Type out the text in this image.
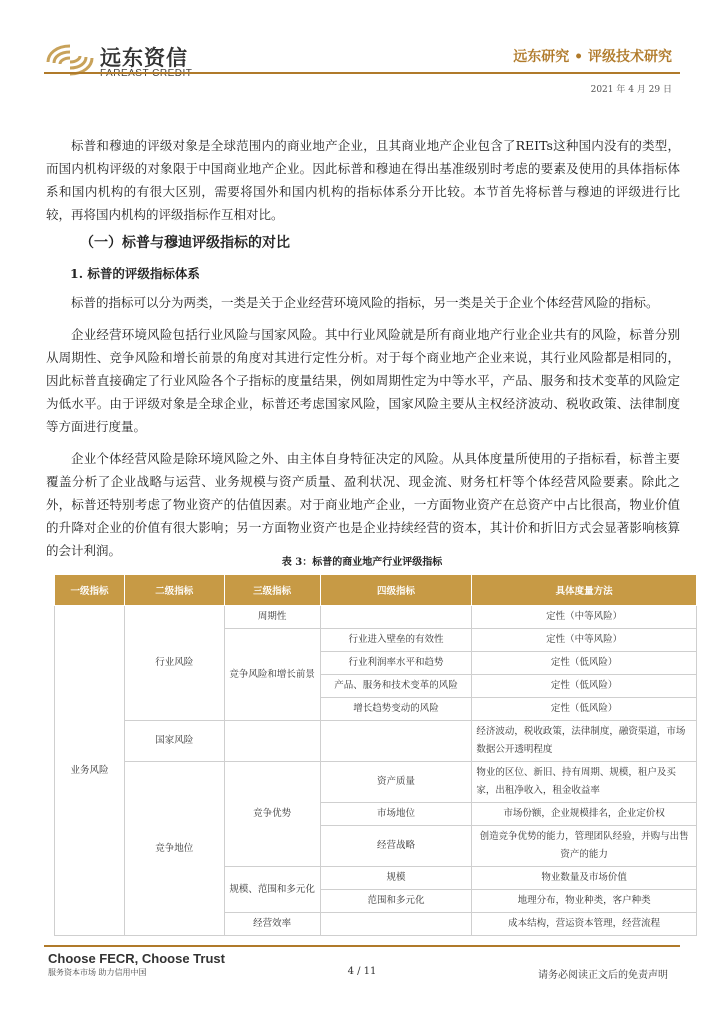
远东资信	远东研究 • 评级技术研究
2021 年 4 月 29 日

标普和穆迪的评级对象是全球范围内的商业地产企业，且其商业地产企业包含了REITs这种国内没有的类型，而国内机构评级的对象限于中国商业地产企业。因此标普和穆迪在得出基准级别时考虑的要素及使用的具体指标体系和国内机构的有很大区别，需要将国外和国内机构的指标体系分开比较。本节首先将标普与穆迪的评级进行比较，再将国内机构的评级指标作互相对比。

（一）标普与穆迪评级指标的对比
1. 标普的评级指标体系

标普的指标可以分为两类，一类是关于企业经营环境风险的指标，另一类是关于企业个体经营风险的指标。

企业经营环境风险包括行业风险与国家风险。其中行业风险就是所有商业地产行业企业共有的风险，标普分别从周期性、竞争风险和增长前景的角度对其进行定性分析。对于每个商业地产企业来说，其行业风险都是相同的，因此标普直接确定了行业风险各个子指标的度量结果，例如周期性定为中等水平，产品、服务和技术变革的风险定为低水平。由于评级对象是全球企业，标普还考虑国家风险，国家风险主要从主权经济波动、税收政策、法律制度等方面进行度量。

企业个体经营风险是除环境风险之外、由主体自身特征决定的风险。从具体度量所使用的子指标看，标普主要覆盖分析了企业战略与运营、业务规模与资产质量、盈利状况、现金流、财务杠杆等个体经营风险要素。除此之外，标普还特别考虑了物业资产的估值因素。对于商业地产企业，一方面物业资产在总资产中占比很高，物业价值的升降对企业的价值有很大影响；另一方面物业资产也是企业持续经营的资本，其计价和折旧方式会显著影响核算的会计利润。

表 3：标普的商业地产行业评级指标
一级指标	二级指标	三级指标	四级指标	具体度量方法
业务风险	行业风险	周期性		定性（中等风险）
		竞争风险和增长前景	行业进入壁垒的有效性	定性（中等风险）
			行业利润率水平和趋势	定性（低风险）
			产品、服务和技术变革的风险	定性（低风险）
			增长趋势变动的风险	定性（低风险）
	国家风险			经济波动，税收政策，法律制度，融资渠道，市场数据公开透明程度
	竞争地位	竞争优势	资产质量	物业的区位、新旧、持有周期、规模，租户及买家，出租净收入，租金收益率
			市场地位	市场份额，企业规模排名，企业定价权
			经营战略	创造竞争优势的能力，管理团队经验，并购与出售资产的能力
		规模、范围和多元化	规模	物业数量及市场价值
			范围和多元化	地理分布，物业种类，客户种类
		经营效率		成本结构，营运资本管理，经营流程
Choose FECR, Choose Trust
服务资本市场 助力信用中国	4 / 11	请务必阅读正文后的免责声明
